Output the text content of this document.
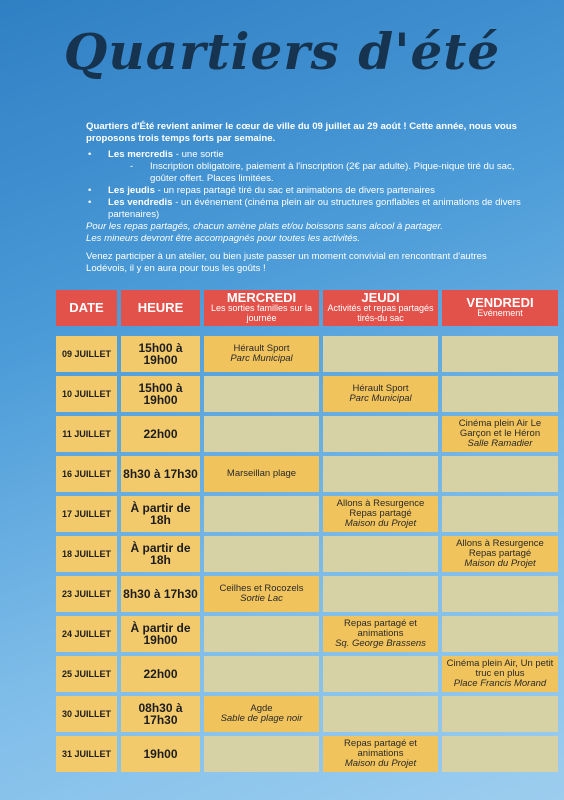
Quartiers d'été

Quartiers d'Été revient animer le cœur de ville du 09 juillet au 29 août ! Cette année, nous vous proposons trois temps forts par semaine.

• Les mercredis - une sortie
- Inscription obligatoire, paiement à l'inscription (2€ par adulte). Pique-nique tiré du sac, goûter offert. Places limitées.
• Les jeudis - un repas partagé tiré du sac et animations de divers partenaires
• Les vendredis - un événement (cinéma plein air ou structures gonflables et animations de divers partenaires)

Pour les repas partagés, chacun amène plats et/ou boissons sans alcool à partager.

Les mineurs devront être accompagnés pour toutes les activités.

Venez participer à un atelier, ou bien juste passer un moment convivial en rencontrant d'autres Lodévois, il y en aura pour tous les goûts !

DATE	HEURE	MERCREDI
Les sorties familles sur la journée	JEUDI
Activités et repas partagés tirés-du sac	VENDREDI
Evénement

09 JUILLET	15h00 à 19h00	Hérault Sport
Parc Municipal		

10 JUILLET	15h00 à 19h00		Hérault Sport
Parc Municipal	

11 JUILLET	22h00			Cinéma plein Air Le Garçon et le Héron
Salle Ramadier

16 JUILLET	8h30 à 17h30	Marseillan plage

17 JUILLET	À partir de 18h		Allons à Resurgence Repas partagé
Maison du Projet	

18 JUILLET	À partir de 18h			Allons à Resurgence Repas partagé
Maison du Projet

23 JUILLET	8h30 à 17h30	Ceilhes et Rocozels
Sortie Lac		

24 JUILLET	À partir de 19h00		Repas partagé et animations
Sq. George Brassens	

25 JUILLET	22h00			Cinéma plein Air, Un petit truc en plus
Place Francis Morand

30 JUILLET	08h30 à 17h30	Agde
Sable de plage noir		

31 JUILLET	19h00		Repas partagé et animations
Maison du Projet	
